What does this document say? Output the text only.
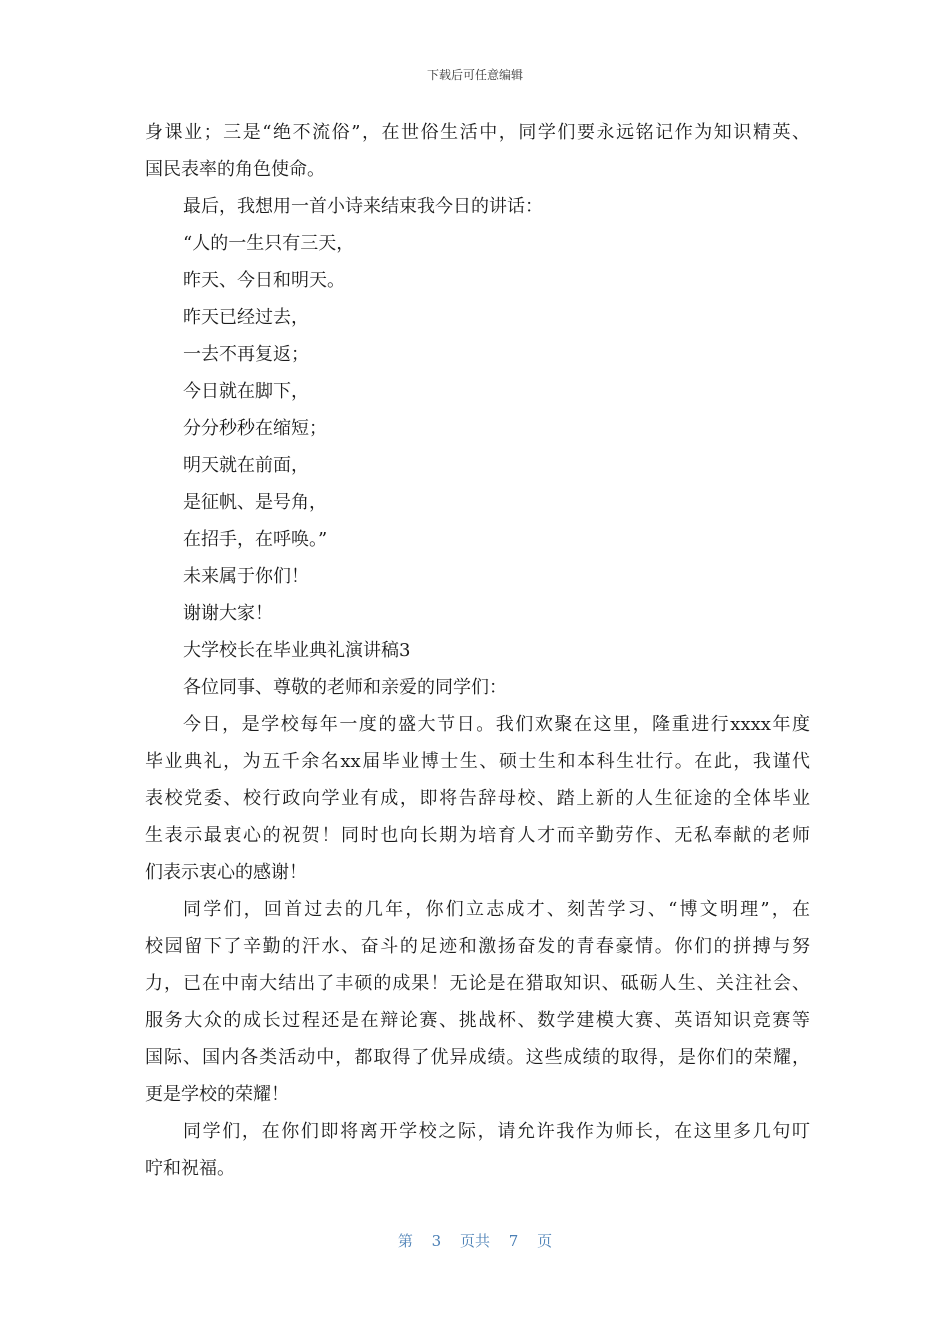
下载后可任意编辑
身课业；三是“绝不流俗”，在世俗生活中，同学们要永远铭记作为知识精英、
国民表率的角色使命。
最后，我想用一首小诗来结束我今日的讲话：
“人的一生只有三天，
昨天、今日和明天。
昨天已经过去，
一去不再复返；
今日就在脚下，
分分秒秒在缩短；
明天就在前面，
是征帆、是号角，
在招手，在呼唤。”
未来属于你们！
谢谢大家！
大学校长在毕业典礼演讲稿3
各位同事、尊敬的老师和亲爱的同学们：
今日，是学校每年一度的盛大节日。我们欢聚在这里，隆重进行xxxx年度
毕业典礼，为五千余名xx届毕业博士生、硕士生和本科生壮行。在此，我谨代
表校党委、校行政向学业有成，即将告辞母校、踏上新的人生征途的全体毕业
生表示最衷心的祝贺！同时也向长期为培育人才而辛勤劳作、无私奉献的老师
们表示衷心的感谢！
同学们，回首过去的几年，你们立志成才、刻苦学习、“博文明理”，在
校园留下了辛勤的汗水、奋斗的足迹和激扬奋发的青春豪情。你们的拼搏与努
力，已在中南大结出了丰硕的成果！无论是在猎取知识、砥砺人生、关注社会、
服务大众的成长过程还是在辩论赛、挑战杯、数学建模大赛、英语知识竞赛等
国际、国内各类活动中，都取得了优异成绩。这些成绩的取得，是你们的荣耀，
更是学校的荣耀！
同学们，在你们即将离开学校之际，请允许我作为师长，在这里多几句叮
咛和祝福。
第 3 页共 7 页
